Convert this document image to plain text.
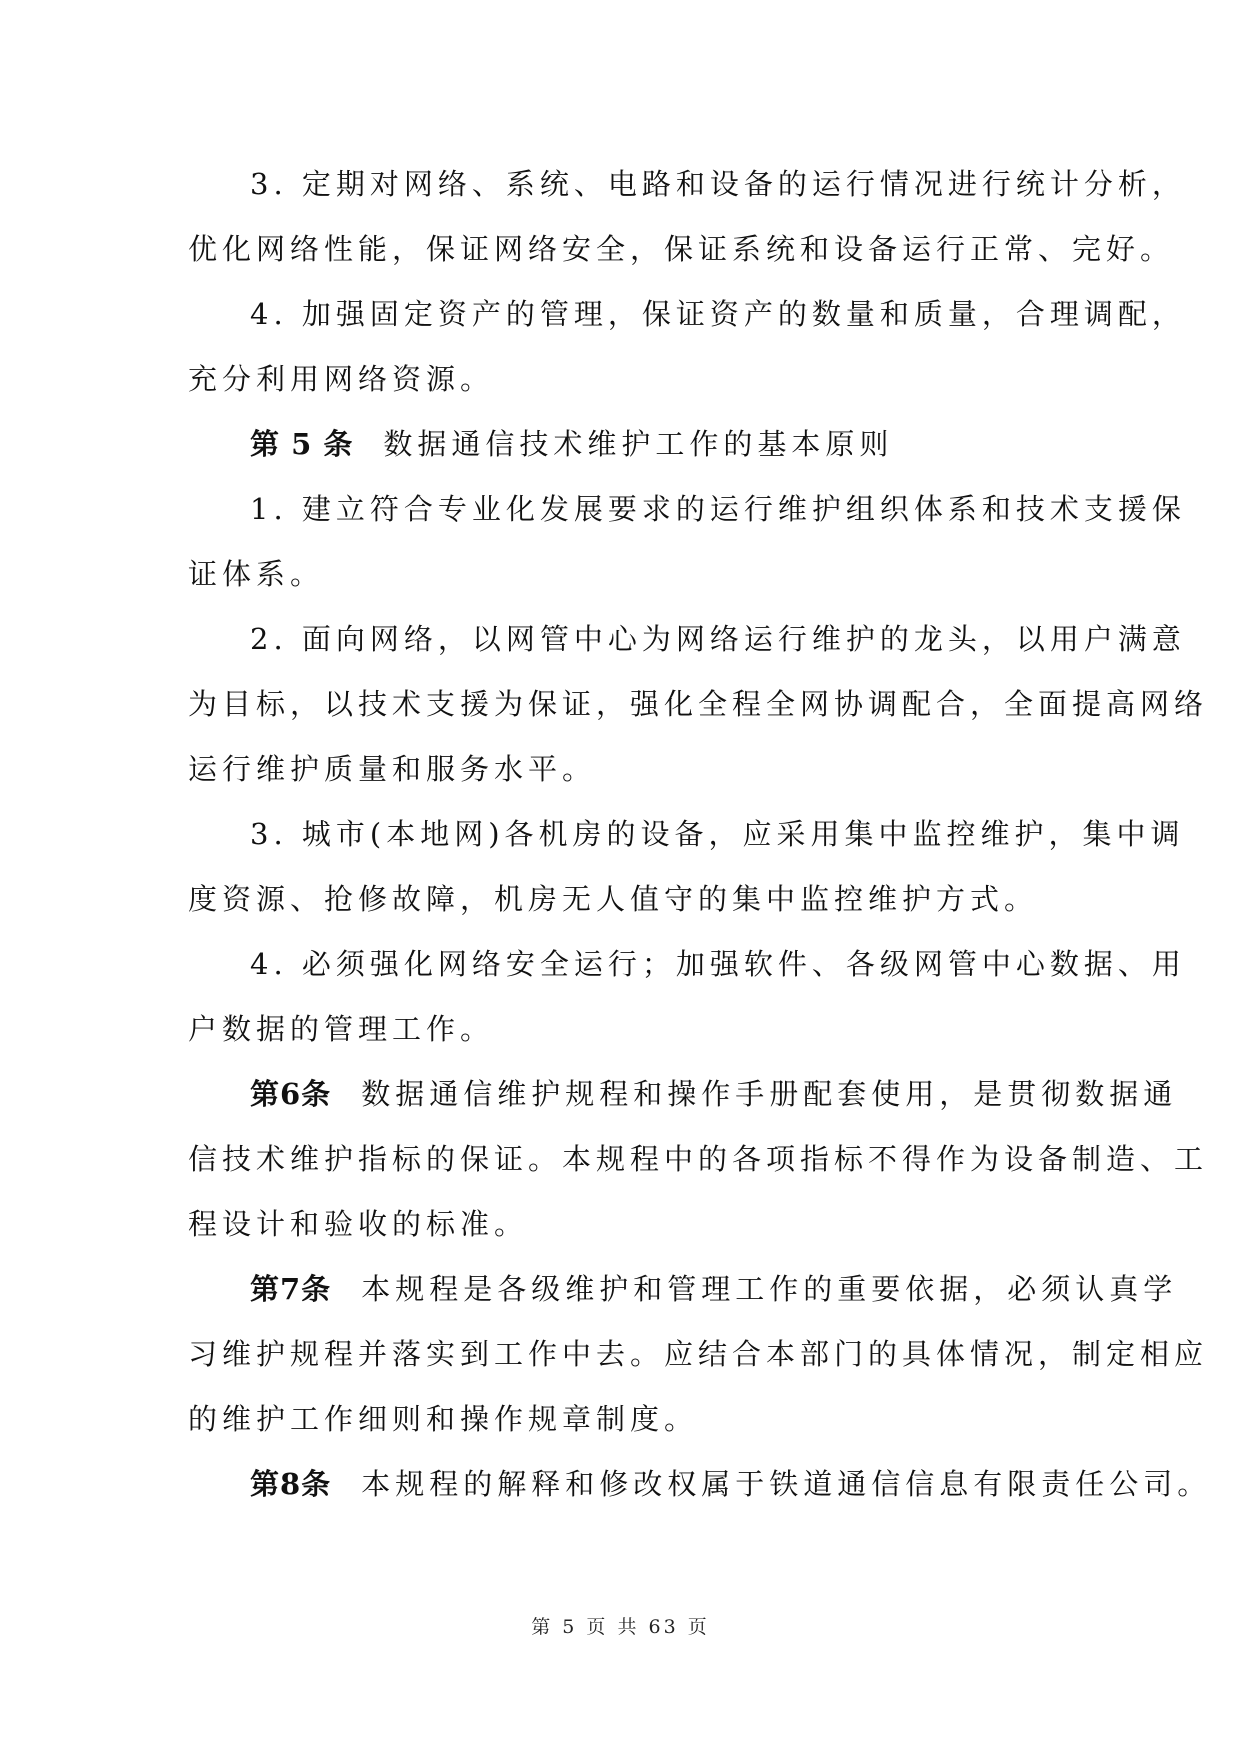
3. 定期对网络、系统、电路和设备的运行情况进行统计分析，
优化网络性能，保证网络安全，保证系统和设备运行正常、完好。
4. 加强固定资产的管理，保证资产的数量和质量，合理调配，
充分利用网络资源。
第 5 条 数据通信技术维护工作的基本原则
1. 建立符合专业化发展要求的运行维护组织体系和技术支援保
证体系。
2. 面向网络，以网管中心为网络运行维护的龙头，以用户满意
为目标，以技术支援为保证，强化全程全网协调配合，全面提高网络
运行维护质量和服务水平。
3. 城市(本地网)各机房的设备，应采用集中监控维护，集中调
度资源、抢修故障，机房无人值守的集中监控维护方式。
4. 必须强化网络安全运行；加强软件、各级网管中心数据、用
户数据的管理工作。
第6条 数据通信维护规程和操作手册配套使用，是贯彻数据通
信技术维护指标的保证。本规程中的各项指标不得作为设备制造、工
程设计和验收的标准。
第7条 本规程是各级维护和管理工作的重要依据，必须认真学
习维护规程并落实到工作中去。应结合本部门的具体情况，制定相应
的维护工作细则和操作规章制度。
第8条 本规程的解释和修改权属于铁道通信信息有限责任公司。
第 5 页 共 63 页
